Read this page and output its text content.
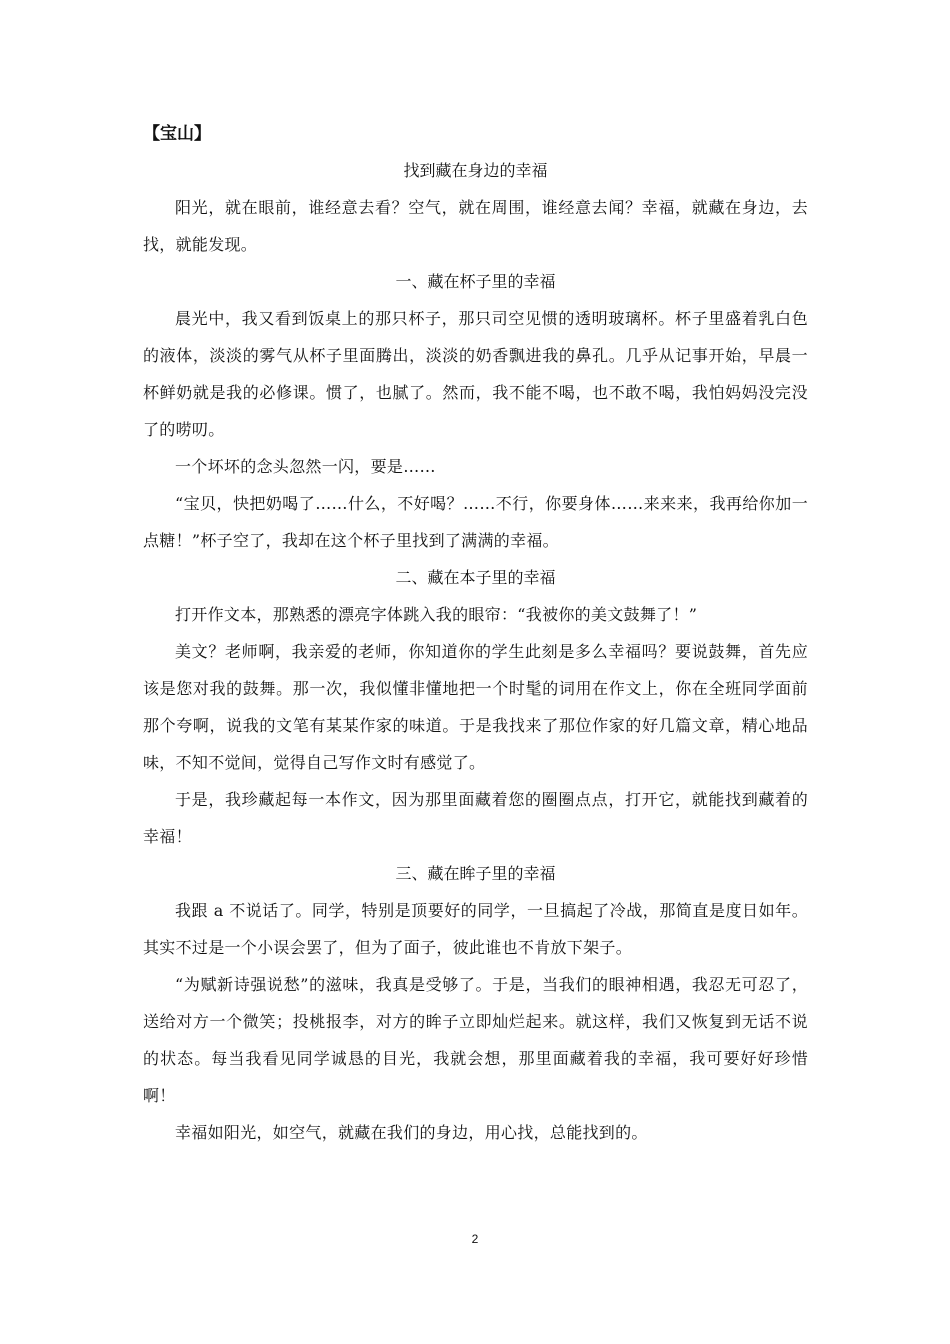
【宝山】
找到藏在身边的幸福

阳光，就在眼前，谁经意去看？空气，就在周围，谁经意去闻？幸福，就藏在身边，去找，就能发现。

一、藏在杯子里的幸福

晨光中，我又看到饭桌上的那只杯子，那只司空见惯的透明玻璃杯。杯子里盛着乳白色的液体，淡淡的雾气从杯子里面腾出，淡淡的奶香飘进我的鼻孔。几乎从记事开始，早晨一杯鲜奶就是我的必修课。惯了，也腻了。然而，我不能不喝，也不敢不喝，我怕妈妈没完没了的唠叨。

一个坏坏的念头忽然一闪，要是……

“宝贝，快把奶喝了……什么，不好喝？……不行，你要身体……来来来，我再给你加一点糖！”杯子空了，我却在这个杯子里找到了满满的幸福。

二、藏在本子里的幸福

打开作文本，那熟悉的漂亮字体跳入我的眼帘：“我被你的美文鼓舞了！”

美文？老师啊，我亲爱的老师，你知道你的学生此刻是多么幸福吗？要说鼓舞，首先应该是您对我的鼓舞。那一次，我似懂非懂地把一个时髦的词用在作文上，你在全班同学面前那个夸啊，说我的文笔有某某作家的味道。于是我找来了那位作家的好几篇文章，精心地品味，不知不觉间，觉得自己写作文时有感觉了。

于是，我珍藏起每一本作文，因为那里面藏着您的圈圈点点，打开它，就能找到藏着的幸福！

三、藏在眸子里的幸福

我跟 a 不说话了。同学，特别是顶要好的同学，一旦搞起了冷战，那简直是度日如年。其实不过是一个小误会罢了，但为了面子，彼此谁也不肯放下架子。

“为赋新诗强说愁”的滋味，我真是受够了。于是，当我们的眼神相遇，我忍无可忍了，送给对方一个微笑；投桃报李，对方的眸子立即灿烂起来。就这样，我们又恢复到无话不说的状态。每当我看见同学诚恳的目光，我就会想，那里面藏着我的幸福，我可要好好珍惜啊！

幸福如阳光，如空气，就藏在我们的身边，用心找，总能找到的。

2
